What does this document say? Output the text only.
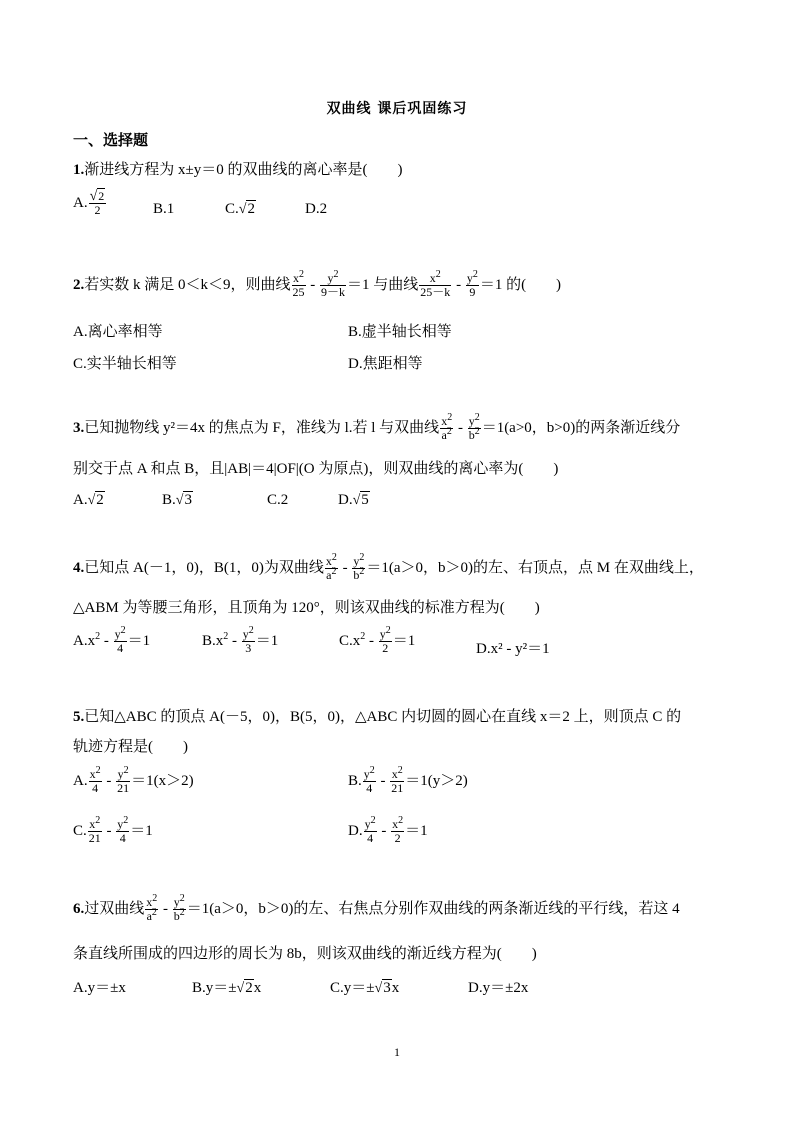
双曲线 课后巩固练习
一、选择题
1.渐进线方程为 x±y＝0 的双曲线的离心率是(　　)
A. $\frac{√2}{2}$	B.1	C.√2	D.2
2.若实数 k 满足 0＜k＜9，则曲线 $\frac{x^2}{25} - \frac{y^2}{9-k} =1$ 与曲线 $\frac{x^2}{25-k} - \frac{y^2}{9} =1$ 的(　　)
A.离心率相等	B.虚半轴长相等
C.实半轴长相等	D.焦距相等
3.已知抛物线 y²＝4x 的焦点为 F，准线为 l.若 l 与双曲线 $\frac{x^2}{a^2} - \frac{y^2}{b^2} =1(a>0$，b>0)的两条渐近线分
别交于点 A 和点 B，且|AB|＝4|OF|(O 为原点)，则双曲线的离心率为(　　)
A.√2	B.√3	C.2	D.√5
4.已知点 A(－1，0)，B(1，0)为双曲线 $\frac{x^2}{a^2} - \frac{y^2}{b^2} =1(a>0$，b＞0)的左、右顶点，点 M 在双曲线上，
△ABM 为等腰三角形，且顶角为 120°，则该双曲线的标准方程为(　　)
$A.x^2 - \frac{y^2}{4} =1$	$B.x^2 - \frac{y^2}{3} =1$	$C.x^2 - \frac{y^2}{2} =1$
D.x² - y²＝1
5.已知△ABC 的顶点 A(－5，0)，B(5，0)，△ABC 内切圆的圆心在直线 x＝2 上，则顶点 C 的
轨迹方程是(　　)
A. $\frac{x^2}{4} - \frac{y^2}{21} =1(x>2)$	B. $\frac{y^2}{4} - \frac{x^2}{21} =1(y>2)$
C. $\frac{x^2}{21} - \frac{y^2}{4} =1$	D. $\frac{y^2}{4} - \frac{x^2}{2} =1$
6.过双曲线 $\frac{x^2}{a^2} - \frac{y^2}{b^2} =1(a>0$，b＞0)的左、右焦点分别作双曲线的两条渐近线的平行线，若这 4
条直线所围成的四边形的周长为 8b，则该双曲线的渐近线方程为(　　)
A.y＝±x	B.y＝±√2x	C.y＝±√3x	D.y＝±2x
1
